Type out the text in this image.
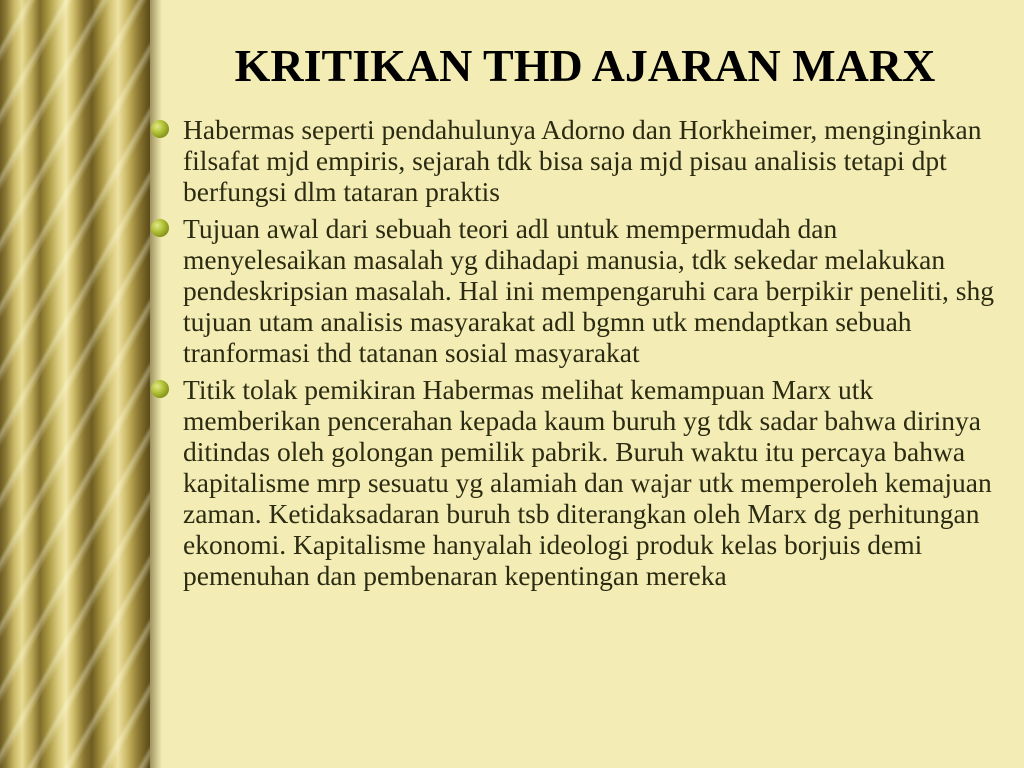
KRITIKAN THD AJARAN MARX
Habermas seperti pendahulunya Adorno dan Horkheimer, menginginkan filsafat mjd empiris, sejarah tdk bisa saja mjd pisau analisis tetapi dpt berfungsi dlm tataran praktis
Tujuan awal dari sebuah teori adl untuk mempermudah dan menyelesaikan masalah yg dihadapi manusia, tdk sekedar melakukan pendeskripsian masalah. Hal ini mempengaruhi cara berpikir peneliti, shg tujuan utam analisis masyarakat adl bgmn utk mendaptkan sebuah tranformasi thd tatanan sosial masyarakat
Titik tolak pemikiran Habermas melihat kemampuan Marx utk memberikan pencerahan kepada kaum buruh yg tdk sadar bahwa dirinya ditindas oleh golongan pemilik pabrik. Buruh waktu itu percaya bahwa kapitalisme mrp sesuatu yg alamiah dan wajar utk memperoleh kemajuan zaman. Ketidaksadaran buruh tsb diterangkan oleh Marx dg perhitungan ekonomi. Kapitalisme hanyalah ideologi produk kelas borjuis demi pemenuhan dan pembenaran kepentingan mereka
